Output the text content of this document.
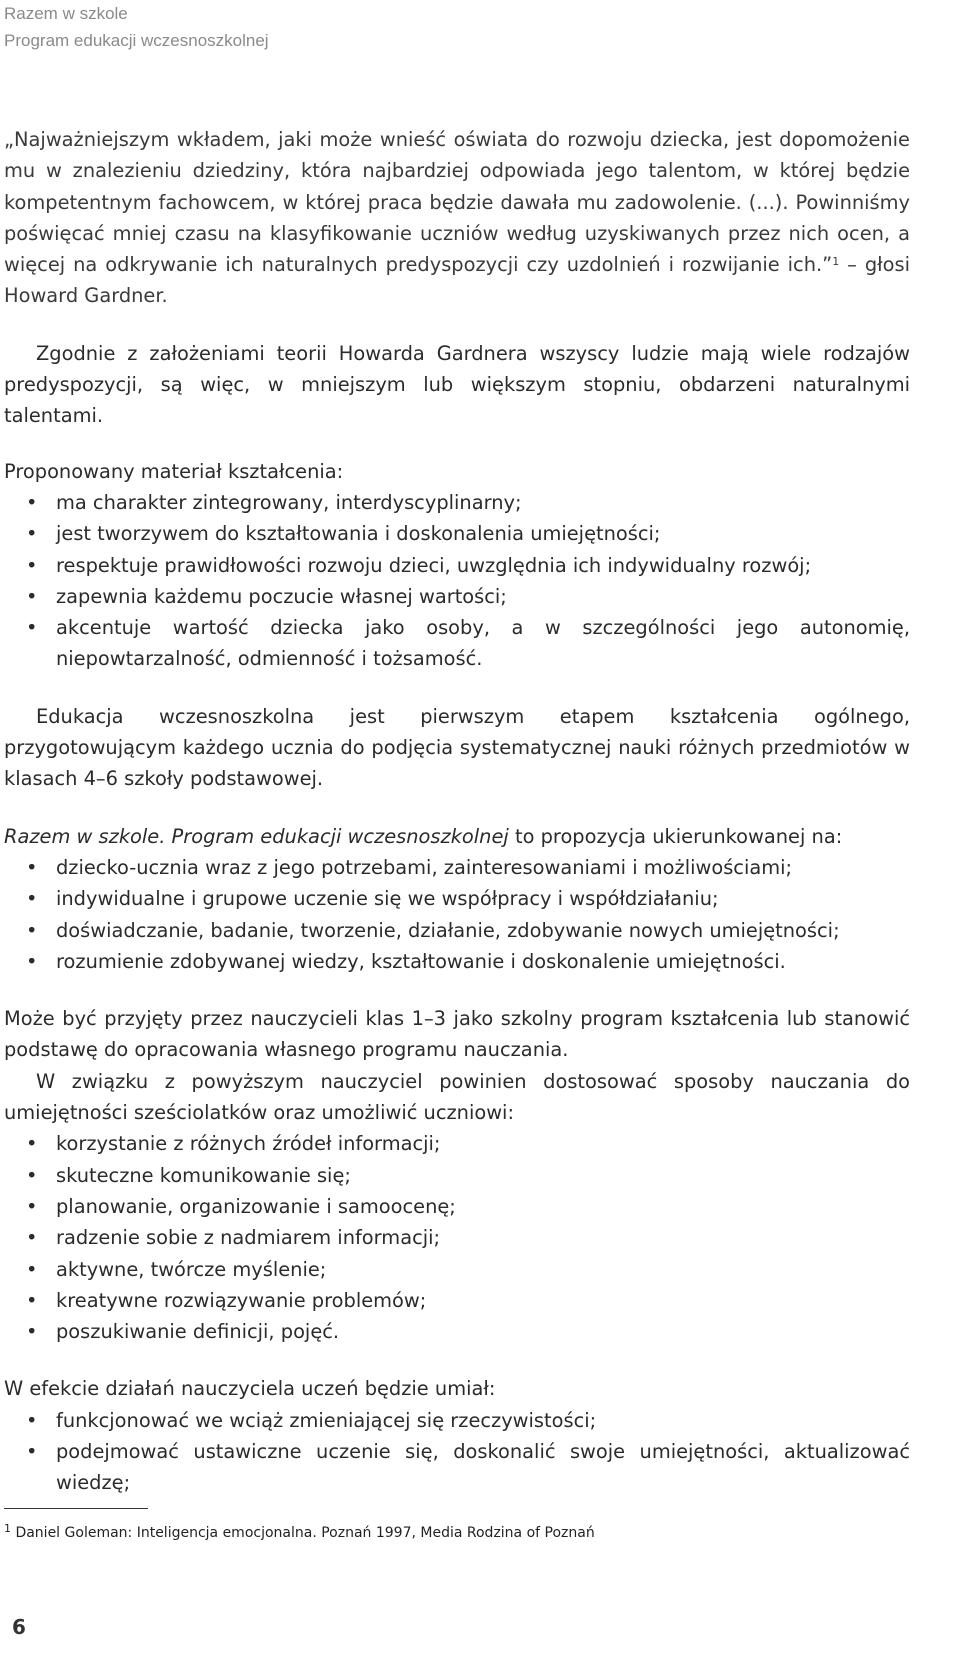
Razem w szkole
Program edukacji wczesnoszkolnej

„Najważniejszym wkładem, jaki może wnieść oświata do rozwoju dziecka, jest dopomożenie mu w znalezieniu dziedziny, która najbardziej odpowiada jego talentom, w której będzie kompetentnym fachowcem, w której praca będzie dawała mu zadowolenie. (...). Powinniśmy poświęcać mniej czasu na klasyfikowanie uczniów według uzyskiwanych przez nich ocen, a więcej na odkrywanie ich naturalnych predyspozycji czy uzdolnień i rozwijanie ich.”$^1$ – głosi Howard Gardner.

Zgodnie z założeniami teorii Howarda Gardnera wszyscy ludzie mają wiele rodzajów predyspozycji, są więc, w mniejszym lub większym stopniu, obdarzeni naturalnymi talentami.

Proponowany materiał kształcenia:

• ma charakter zintegrowany, interdyscyplinarny;
• jest tworzywem do kształtowania i doskonalenia umiejętności;
• respektuje prawidłowości rozwoju dzieci, uwzględnia ich indywidualny rozwój;
• zapewnia każdemu poczucie własnej wartości;
• akcentuje wartość dziecka jako osoby, a w szczególności jego autonomię, niepowtarzalność, odmienność i tożsamość.

Edukacja wczesnoszkolna jest pierwszym etapem kształcenia ogólnego, przygotowującym każdego ucznia do podjęcia systematycznej nauki różnych przedmiotów w klasach 4–6 szkoły podstawowej.

Razem w szkole. Program edukacji wczesnoszkolnej to propozycja ukierunkowanej na:

• dziecko-ucznia wraz z jego potrzebami, zainteresowaniami i możliwościami;
• indywidualne i grupowe uczenie się we współpracy i współdziałaniu;
• doświadczanie, badanie, tworzenie, działanie, zdobywanie nowych umiejętności;
• rozumienie zdobywanej wiedzy, kształtowanie i doskonalenie umiejętności.

Może być przyjęty przez nauczycieli klas 1–3 jako szkolny program kształcenia lub stanowić podstawę do opracowania własnego programu nauczania.

W związku z powyższym nauczyciel powinien dostosować sposoby nauczania do umiejętności sześciolatków oraz umożliwić uczniowi:

• korzystanie z różnych źródeł informacji;
• skuteczne komunikowanie się;
• planowanie, organizowanie i samoocenę;
• radzenie sobie z nadmiarem informacji;
• aktywne, twórcze myślenie;
• kreatywne rozwiązywanie problemów;
• poszukiwanie definicji, pojęć.

W efekcie działań nauczyciela uczeń będzie umiał:

• funkcjonować we wciąż zmieniającej się rzeczywistości;
• podejmować ustawiczne uczenie się, doskonalić swoje umiejętności, aktualizować wiedzę;
$^1$ Daniel Goleman: Inteligencja emocjonalna. Poznań 1997, Media Rodzina of Poznań
6
